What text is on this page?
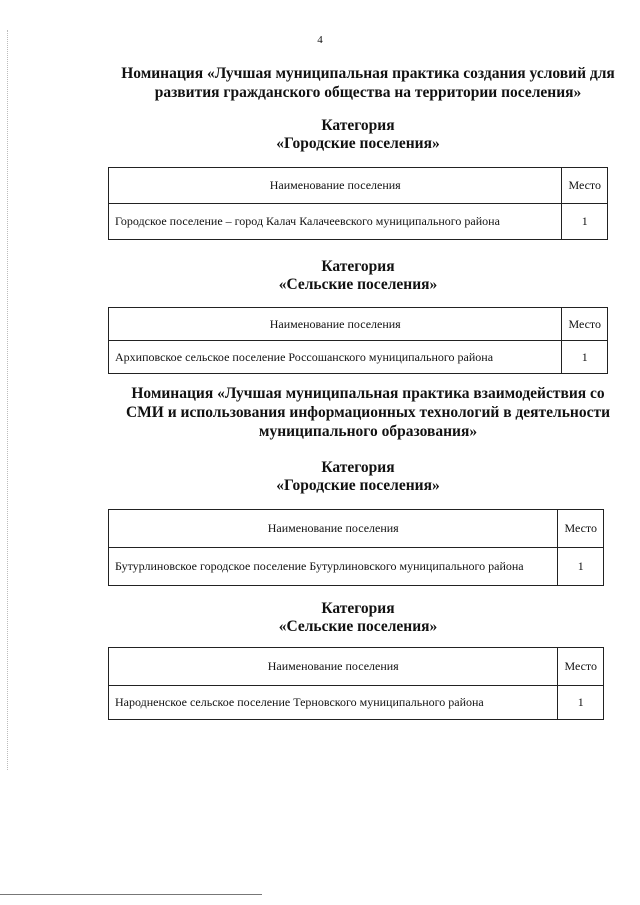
4
Номинация «Лучшая муниципальная практика создания условий для развития гражданского общества на территории поселения»
Категория
«Городские поселения»
Наименование поселения	Место
Городское поселение – город Калач Калачеевского муниципального района	1
Категория
«Сельские поселения»
Наименование поселения	Место
Архиповское сельское поселение Россошанского муниципального района	1
Номинация «Лучшая муниципальная практика взаимодействия со СМИ и использования информационных технологий в деятельности муниципального образования»
Категория
«Городские поселения»
Наименование поселения	Место
Бутурлиновское городское поселение Бутурлиновского муниципального района	1
Категория
«Сельские поселения»
Наименование поселения	Место
Народненское сельское поселение Терновского муниципального района	1
